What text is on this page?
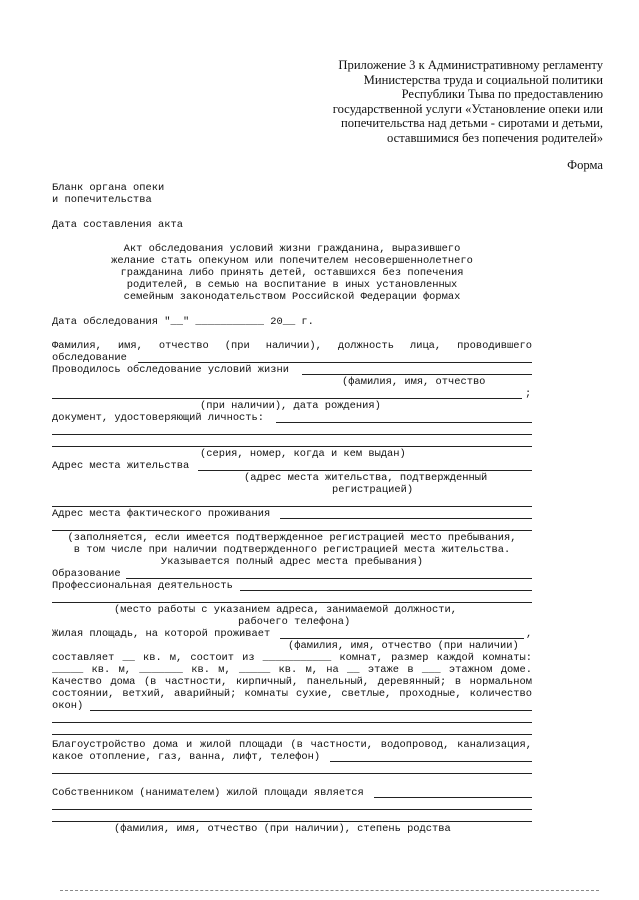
Приложение 3 к Административному регламенту
Министерства труда и социальной политики
Республики Тыва по предоставлению
государственной услуги «Установление опеки или
попечительства над детьми - сиротами и детьми,
оставшимися без попечения родителей»
Форма
Бланк органа опеки
и попечительства
Дата составления акта
Акт обследования условий жизни гражданина, выразившего
желание стать опекуном или попечителем несовершеннолетнего
гражданина либо принять детей, оставшихся без попечения
родителей, в семью на воспитание в иных установленных
семейным законодательством Российской Федерации формах
Дата обследования "__" ___________ 20__ г.
Фамилия, имя, отчество (при наличии), должность лица, проводившего
обследование
Проводилось обследование условий жизни
(фамилия, имя, отчество
;
(при наличии), дата рождения)
документ, удостоверяющий личность:
(серия, номер, когда и кем выдан)
Адрес места жительства
(адрес места жительства, подтвержденный
регистрацией)
Адрес места фактического проживания
(заполняется, если имеется подтвержденное регистрацией место пребывания,
в том числе при наличии подтвержденного регистрацией места жительства.
Указывается полный адрес места пребывания)
Образование
Профессиональная деятельность
(место работы с указанием адреса, занимаемой должности,
рабочего телефона)
Жилая площадь, на которой проживает	,
(фамилия, имя, отчество (при наличии)
составляет __ кв. м, состоит из ___________ комнат, размер каждой комнаты:
_____ кв. м, _______ кв. м, _____ кв. м, на __ этаже в ___ этажном доме.
Качество дома (в частности, кирпичный, панельный, деревянный; в нормальном
состоянии, ветхий, аварийный; комнаты сухие, светлые, проходные, количество
окон)
Благоустройство дома и жилой площади (в частности, водопровод, канализация,
какое отопление, газ, ванна, лифт, телефон)
Собственником (нанимателем) жилой площади является
(фамилия, имя, отчество (при наличии), степень родства
